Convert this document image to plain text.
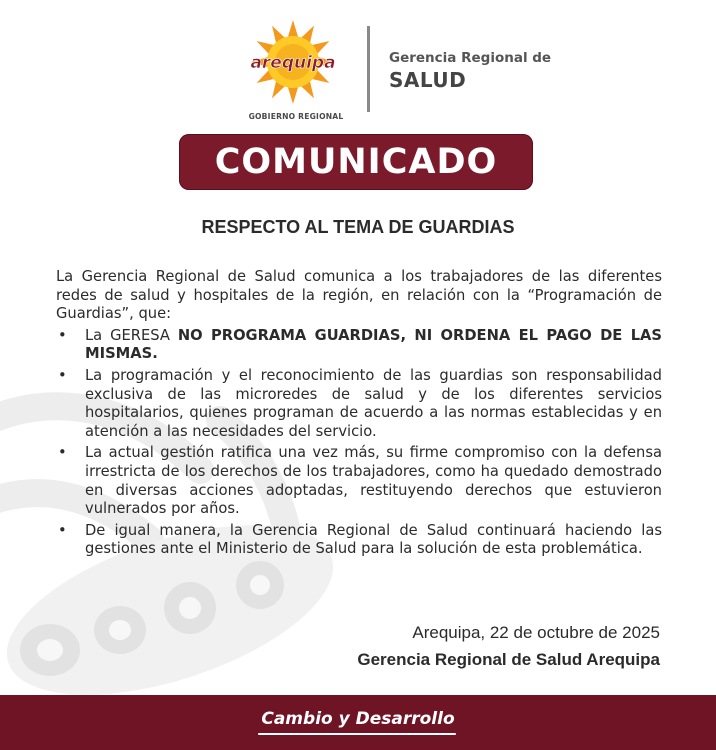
arequipa
GOBIERNO REGIONAL
Gerencia Regional de
SALUD
COMUNICADO
RESPECTO AL TEMA DE GUARDIAS

La Gerencia Regional de Salud comunica a los trabajadores de las diferentes redes de salud y hospitales de la región, en relación con la “Programación de Guardias”, que:

• La GERESA NO PROGRAMA GUARDIAS, NI ORDENA EL PAGO DE LAS MISMAS.
• La programación y el reconocimiento de las guardias son responsabilidad exclusiva de las microredes de salud y de los diferentes servicios hospitalarios, quienes programan de acuerdo a las normas establecidas y en atención a las necesidades del servicio.
• La actual gestión ratifica una vez más, su firme compromiso con la defensa irrestricta de los derechos de los trabajadores, como ha quedado demostrado en diversas acciones adoptadas, restituyendo derechos que estuvieron vulnerados por años.
• De igual manera, la Gerencia Regional de Salud continuará haciendo las gestiones ante el Ministerio de Salud para la solución de esta problemática.
Arequipa, 22 de octubre de 2025
Gerencia Regional de Salud Arequipa
Cambio y Desarrollo
